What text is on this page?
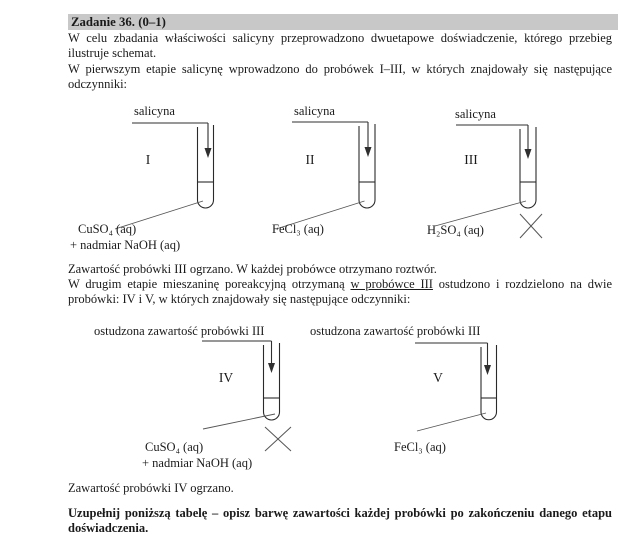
Zadanie 36. (0–1)
W celu zbadania właściwości salicyny przeprowadzono dwuetapowe doświadczenie, którego przebieg ilustruje schemat.
W pierwszym etapie salicynę wprowadzono do probówek I–III, w których znajdowały się następujące odczynniki:
salicyna	salicyna	salicyna
I	II	III
CuSO₄ (aq)
+ nadmiar NaOH (aq)
FeCl₃ (aq)	H₂SO₄ (aq)
Zawartość probówki III ogrzano. W każdej probówce otrzymano roztwór.
W drugim etapie mieszaninę poreakcyjną otrzymaną w probówce III ostudzono i rozdzielono na dwie probówki: IV i V, w których znajdowały się następujące odczynniki:
ostudzona zawartość probówki III	ostudzona zawartość probówki III
IV	V
CuSO₄ (aq)
+ nadmiar NaOH (aq)
FeCl₃ (aq)
Zawartość probówki IV ogrzano.
Uzupełnij poniższą tabelę – opisz barwę zawartości każdej probówki po zakończeniu danego etapu doświadczenia.
